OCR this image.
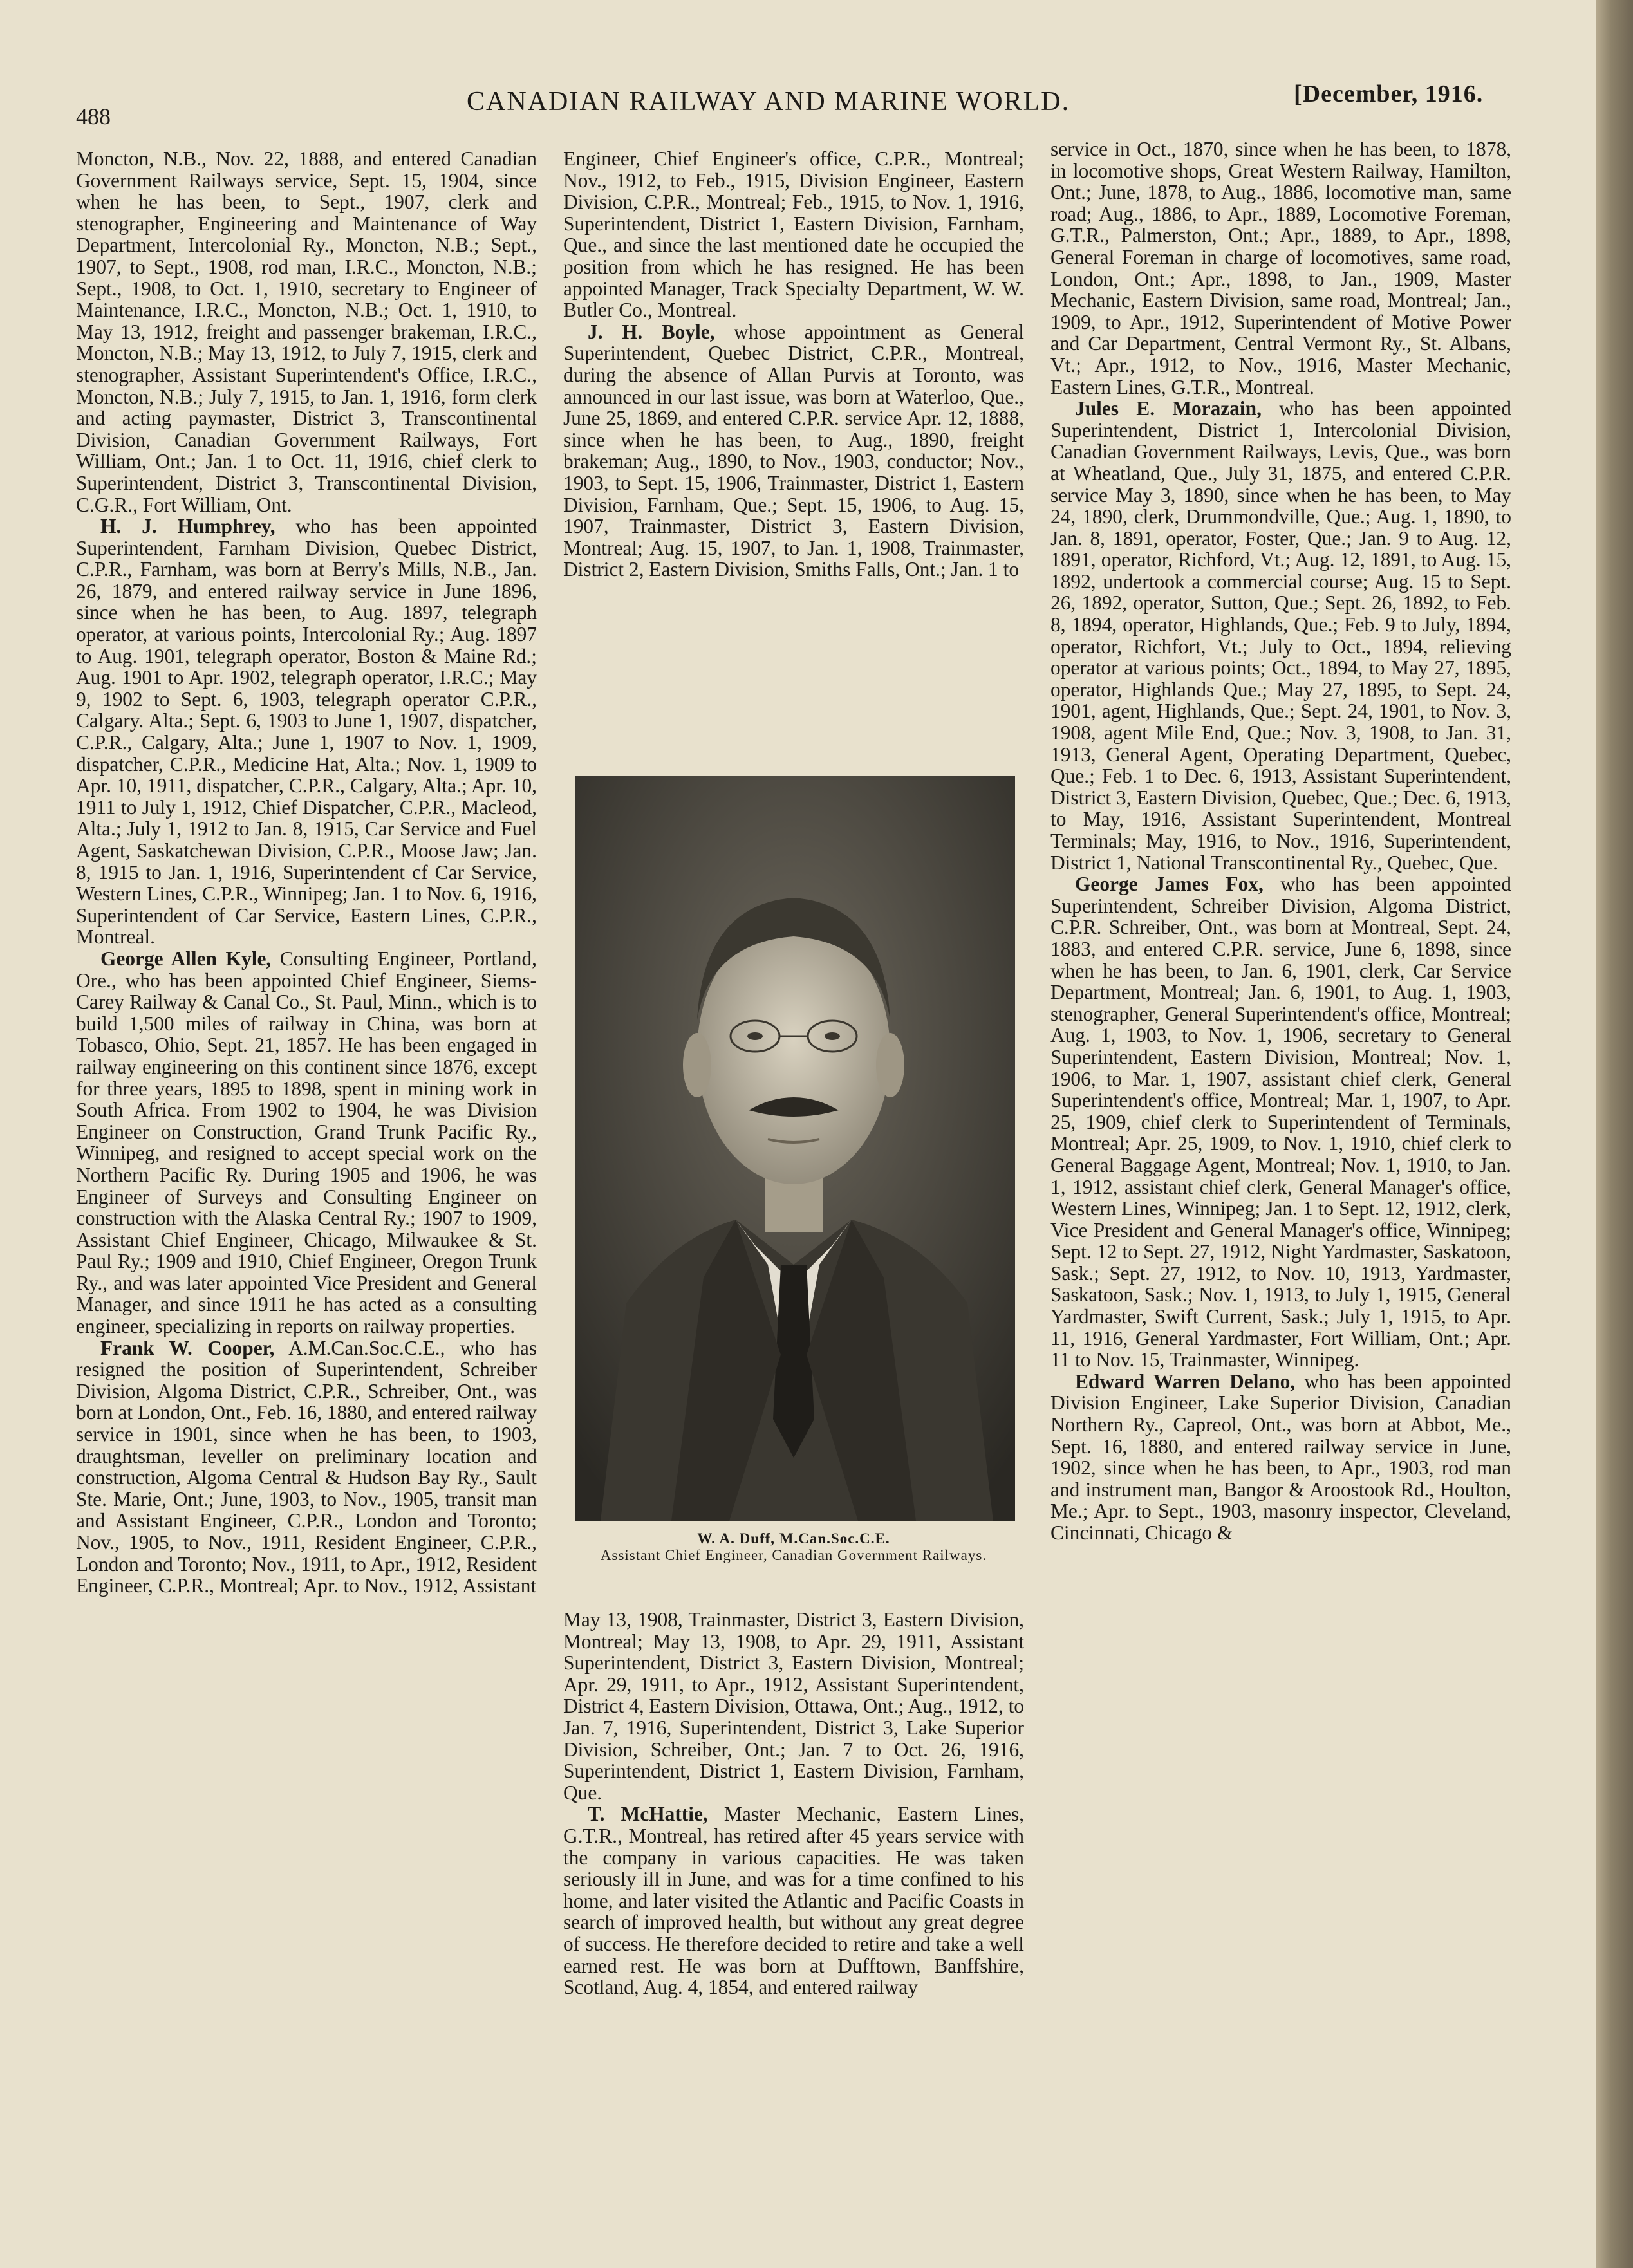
488	CANADIAN RAILWAY AND MARINE WORLD.	[December, 1916.

Moncton, N.B., Nov. 22, 1888, and entered Canadian Government Railways service, Sept. 15, 1904, since when he has been, to Sept., 1907, clerk and stenographer, Engineering and Maintenance of Way Department, Intercolonial Ry., Moncton, N.B.; Sept., 1907, to Sept., 1908, rod man, I.R.C., Moncton, N.B.; Sept., 1908, to Oct. 1, 1910, secretary to Engineer of Maintenance, I.R.C., Moncton, N.B.; Oct. 1, 1910, to May 13, 1912, freight and passenger brakeman, I.R.C., Moncton, N.B.; May 13, 1912, to July 7, 1915, clerk and stenographer, Assistant Superintendent's Office, I.R.C., Moncton, N.B.; July 7, 1915, to Jan. 1, 1916, form clerk and acting paymaster, District 3, Transcontinental Division, Canadian Government Railways, Fort William, Ont.; Jan. 1 to Oct. 11, 1916, chief clerk to Superintendent, District 3, Transcontinental Division, C.G.R., Fort William, Ont.

H. J. Humphrey, who has been appointed Superintendent, Farnham Division, Quebec District, C.P.R., Farnham, was born at Berry's Mills, N.B., Jan. 26, 1879, and entered railway service in June 1896, since when he has been, to Aug. 1897, telegraph operator, at various points, Intercolonial Ry.; Aug. 1897 to Aug. 1901, telegraph operator, Boston & Maine Rd.; Aug. 1901 to Apr. 1902, telegraph operator, I.R.C.; May 9, 1902 to Sept. 6, 1903, telegraph operator C.P.R., Calgary. Alta.; Sept. 6, 1903 to June 1, 1907, dispatcher, C.P.R., Calgary, Alta.; June 1, 1907 to Nov. 1, 1909, dispatcher, C.P.R., Medicine Hat, Alta.; Nov. 1, 1909 to Apr. 10, 1911, dispatcher, C.P.R., Calgary, Alta.; Apr. 10, 1911 to July 1, 1912, Chief Dispatcher, C.P.R., Macleod, Alta.; July 1, 1912 to Jan. 8, 1915, Car Service and Fuel Agent, Saskatchewan Division, C.P.R., Moose Jaw; Jan. 8, 1915 to Jan. 1, 1916, Superintendent cf Car Service, Western Lines, C.P.R., Winnipeg; Jan. 1 to Nov. 6, 1916, Superintendent of Car Service, Eastern Lines, C.P.R., Montreal.

George Allen Kyle, Consulting Engineer, Portland, Ore., who has been appointed Chief Engineer, Siems-Carey Railway & Canal Co., St. Paul, Minn., which is to build 1,500 miles of railway in China, was born at Tobasco, Ohio, Sept. 21, 1857. He has been engaged in railway engineering on this continent since 1876, except for three years, 1895 to 1898, spent in mining work in South Africa. From 1902 to 1904, he was Division Engineer on Construction, Grand Trunk Pacific Ry., Winnipeg, and resigned to accept special work on the Northern Pacific Ry. During 1905 and 1906, he was Engineer of Surveys and Consulting Engineer on construction with the Alaska Central Ry.; 1907 to 1909, Assistant Chief Engineer, Chicago, Milwaukee & St. Paul Ry.; 1909 and 1910, Chief Engineer, Oregon Trunk Ry., and was later appointed Vice President and General Manager, and since 1911 he has acted as a consulting engineer, specializing in reports on railway properties.

Frank W. Cooper, A.M.Can.Soc.C.E., who has resigned the position of Superintendent, Schreiber Division, Algoma District, C.P.R., Schreiber, Ont., was born at London, Ont., Feb. 16, 1880, and entered railway service in 1901, since when he has been, to 1903, draughtsman, leveller on preliminary location and construction, Algoma Central & Hudson Bay Ry., Sault Ste. Marie, Ont.; June, 1903, to Nov., 1905, transit man and Assistant Engineer, C.P.R., London and Toronto; Nov., 1905, to Nov., 1911, Resident Engineer, C.P.R., London and Toronto; Nov., 1911, to Apr., 1912, Resident Engineer, C.P.R., Montreal; Apr. to Nov., 1912, Assistant

Engineer, Chief Engineer's office, C.P.R., Montreal; Nov., 1912, to Feb., 1915, Division Engineer, Eastern Division, C.P.R., Montreal; Feb., 1915, to Nov. 1, 1916, Superintendent, District 1, Eastern Division, Farnham, Que., and since the last mentioned date he occupied the position from which he has resigned. He has been appointed Manager, Track Specialty Department, W. W. Butler Co., Montreal.

J. H. Boyle, whose appointment as General Superintendent, Quebec District, C.P.R., Montreal, during the absence of Allan Purvis at Toronto, was announced in our last issue, was born at Waterloo, Que., June 25, 1869, and entered C.P.R. service Apr. 12, 1888, since when he has been, to Aug., 1890, freight brakeman; Aug., 1890, to Nov., 1903, conductor; Nov., 1903, to Sept. 15, 1906, Trainmaster, District 1, Eastern Division, Farnham, Que.; Sept. 15, 1906, to Aug. 15, 1907, Trainmaster, District 3, Eastern Division, Montreal; Aug. 15, 1907, to Jan. 1, 1908, Trainmaster, District 2, Eastern Division, Smiths Falls, Ont.; Jan. 1 to

W. A. Duff, M.Can.Soc.C.E.
Assistant Chief Engineer, Canadian Government Railways.

May 13, 1908, Trainmaster, District 3, Eastern Division, Montreal; May 13, 1908, to Apr. 29, 1911, Assistant Superintendent, District 3, Eastern Division, Montreal; Apr. 29, 1911, to Apr., 1912, Assistant Superintendent, District 4, Eastern Division, Ottawa, Ont.; Aug., 1912, to Jan. 7, 1916, Superintendent, District 3, Lake Superior Division, Schreiber, Ont.; Jan. 7 to Oct. 26, 1916, Superintendent, District 1, Eastern Division, Farnham, Que.

T. McHattie, Master Mechanic, Eastern Lines, G.T.R., Montreal, has retired after 45 years service with the company in various capacities. He was taken seriously ill in June, and was for a time confined to his home, and later visited the Atlantic and Pacific Coasts in search of improved health, but without any great degree of success. He therefore decided to retire and take a well earned rest. He was born at Dufftown, Banffshire, Scotland, Aug. 4, 1854, and entered railway

service in Oct., 1870, since when he has been, to 1878, in locomotive shops, Great Western Railway, Hamilton, Ont.; June, 1878, to Aug., 1886, locomotive man, same road; Aug., 1886, to Apr., 1889, Locomotive Foreman, G.T.R., Palmerston, Ont.; Apr., 1889, to Apr., 1898, General Foreman in charge of locomotives, same road, London, Ont.; Apr., 1898, to Jan., 1909, Master Mechanic, Eastern Division, same road, Montreal; Jan., 1909, to Apr., 1912, Superintendent of Motive Power and Car Department, Central Vermont Ry., St. Albans, Vt.; Apr., 1912, to Nov., 1916, Master Mechanic, Eastern Lines, G.T.R., Montreal.

Jules E. Morazain, who has been appointed Superintendent, District 1, Intercolonial Division, Canadian Government Railways, Levis, Que., was born at Wheatland, Que., July 31, 1875, and entered C.P.R. service May 3, 1890, since when he has been, to May 24, 1890, clerk, Drummondville, Que.; Aug. 1, 1890, to Jan. 8, 1891, operator, Foster, Que.; Jan. 9 to Aug. 12, 1891, operator, Richford, Vt.; Aug. 12, 1891, to Aug. 15, 1892, undertook a commercial course; Aug. 15 to Sept. 26, 1892, operator, Sutton, Que.; Sept. 26, 1892, to Feb. 8, 1894, operator, Highlands, Que.; Feb. 9 to July, 1894, operator, Richfort, Vt.; July to Oct., 1894, relieving operator at various points; Oct., 1894, to May 27, 1895, operator, Highlands Que.; May 27, 1895, to Sept. 24, 1901, agent, Highlands, Que.; Sept. 24, 1901, to Nov. 3, 1908, agent Mile End, Que.; Nov. 3, 1908, to Jan. 31, 1913, General Agent, Operating Department, Quebec, Que.; Feb. 1 to Dec. 6, 1913, Assistant Superintendent, District 3, Eastern Division, Quebec, Que.; Dec. 6, 1913, to May, 1916, Assistant Superintendent, Montreal Terminals; May, 1916, to Nov., 1916, Superintendent, District 1, National Transcontinental Ry., Quebec, Que.

George James Fox, who has been appointed Superintendent, Schreiber Division, Algoma District, C.P.R. Schreiber, Ont., was born at Montreal, Sept. 24, 1883, and entered C.P.R. service, June 6, 1898, since when he has been, to Jan. 6, 1901, clerk, Car Service Department, Montreal; Jan. 6, 1901, to Aug. 1, 1903, stenographer, General Superintendent's office, Montreal; Aug. 1, 1903, to Nov. 1, 1906, secretary to General Superintendent, Eastern Division, Montreal; Nov. 1, 1906, to Mar. 1, 1907, assistant chief clerk, General Superintendent's office, Montreal; Mar. 1, 1907, to Apr. 25, 1909, chief clerk to Superintendent of Terminals, Montreal; Apr. 25, 1909, to Nov. 1, 1910, chief clerk to General Baggage Agent, Montreal; Nov. 1, 1910, to Jan. 1, 1912, assistant chief clerk, General Manager's office, Western Lines, Winnipeg; Jan. 1 to Sept. 12, 1912, clerk, Vice President and General Manager's office, Winnipeg; Sept. 12 to Sept. 27, 1912, Night Yardmaster, Saskatoon, Sask.; Sept. 27, 1912, to Nov. 10, 1913, Yardmaster, Saskatoon, Sask.; Nov. 1, 1913, to July 1, 1915, General Yardmaster, Swift Current, Sask.; July 1, 1915, to Apr. 11, 1916, General Yardmaster, Fort William, Ont.; Apr. 11 to Nov. 15, Trainmaster, Winnipeg.

Edward Warren Delano, who has been appointed Division Engineer, Lake Superior Division, Canadian Northern Ry., Capreol, Ont., was born at Abbot, Me., Sept. 16, 1880, and entered railway service in June, 1902, since when he has been, to Apr., 1903, rod man and instrument man, Bangor & Aroostook Rd., Houlton, Me.; Apr. to Sept., 1903, masonry inspector, Cleveland, Cincinnati, Chicago &
